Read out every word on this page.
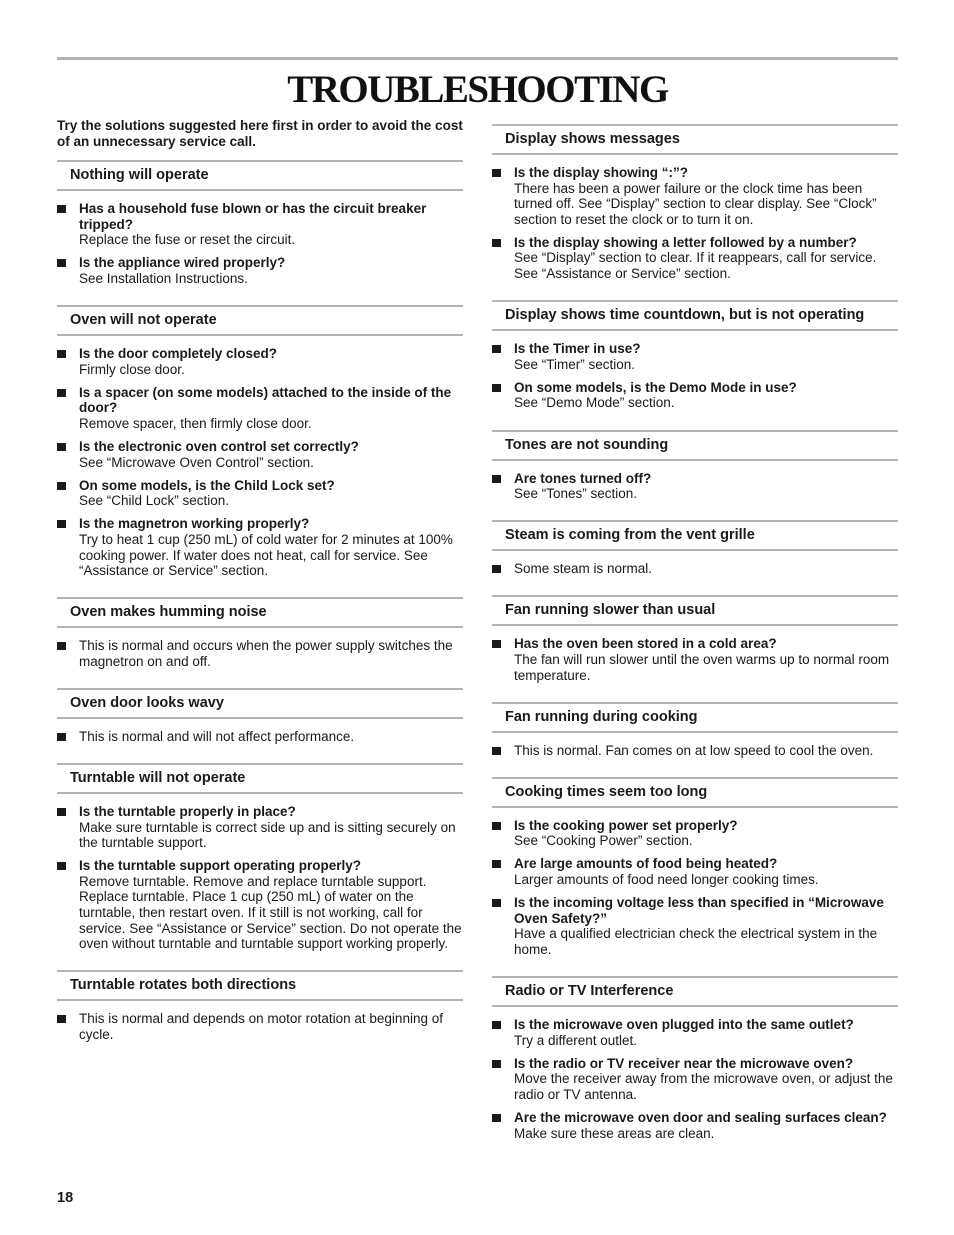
TROUBLESHOOTING

Try the solutions suggested here first in order to avoid the cost of an unnecessary service call.

Nothing will operate
Has a household fuse blown or has the circuit breaker tripped?
Replace the fuse or reset the circuit.
Is the appliance wired properly?
See Installation Instructions.
Oven will not operate
Is the door completely closed?
Firmly close door.
Is a spacer (on some models) attached to the inside of the door?
Remove spacer, then firmly close door.
Is the electronic oven control set correctly?
See “Microwave Oven Control” section.
On some models, is the Child Lock set?
See “Child Lock” section.
Is the magnetron working properly?
Try to heat 1 cup (250 mL) of cold water for 2 minutes at 100% cooking power. If water does not heat, call for service. See “Assistance or Service” section.
Oven makes humming noise
This is normal and occurs when the power supply switches the magnetron on and off.
Oven door looks wavy
This is normal and will not affect performance.
Turntable will not operate
Is the turntable properly in place?
Make sure turntable is correct side up and is sitting securely on the turntable support.
Is the turntable support operating properly?
Remove turntable. Remove and replace turntable support. Replace turntable. Place 1 cup (250 mL) of water on the turntable, then restart oven. If it still is not working, call for service. See “Assistance or Service” section. Do not operate the oven without turntable and turntable support working properly.
Turntable rotates both directions
This is normal and depends on motor rotation at beginning of cycle.
Display shows messages
Is the display showing “:”?
There has been a power failure or the clock time has been turned off. See “Display” section to clear display. See “Clock” section to reset the clock or to turn it on.
Is the display showing a letter followed by a number?
See “Display” section to clear. If it reappears, call for service. See “Assistance or Service” section.
Display shows time countdown, but is not operating
Is the Timer in use?
See “Timer” section.
On some models, is the Demo Mode in use?
See “Demo Mode” section.
Tones are not sounding
Are tones turned off?
See “Tones” section.
Steam is coming from the vent grille
Some steam is normal.
Fan running slower than usual
Has the oven been stored in a cold area?
The fan will run slower until the oven warms up to normal room temperature.
Fan running during cooking
This is normal. Fan comes on at low speed to cool the oven.
Cooking times seem too long
Is the cooking power set properly?
See “Cooking Power” section.
Are large amounts of food being heated?
Larger amounts of food need longer cooking times.
Is the incoming voltage less than specified in “Microwave Oven Safety?”
Have a qualified electrician check the electrical system in the home.
Radio or TV Interference
Is the microwave oven plugged into the same outlet?
Try a different outlet.
Is the radio or TV receiver near the microwave oven?
Move the receiver away from the microwave oven, or adjust the radio or TV antenna.
Are the microwave oven door and sealing surfaces clean?
Make sure these areas are clean.
18
